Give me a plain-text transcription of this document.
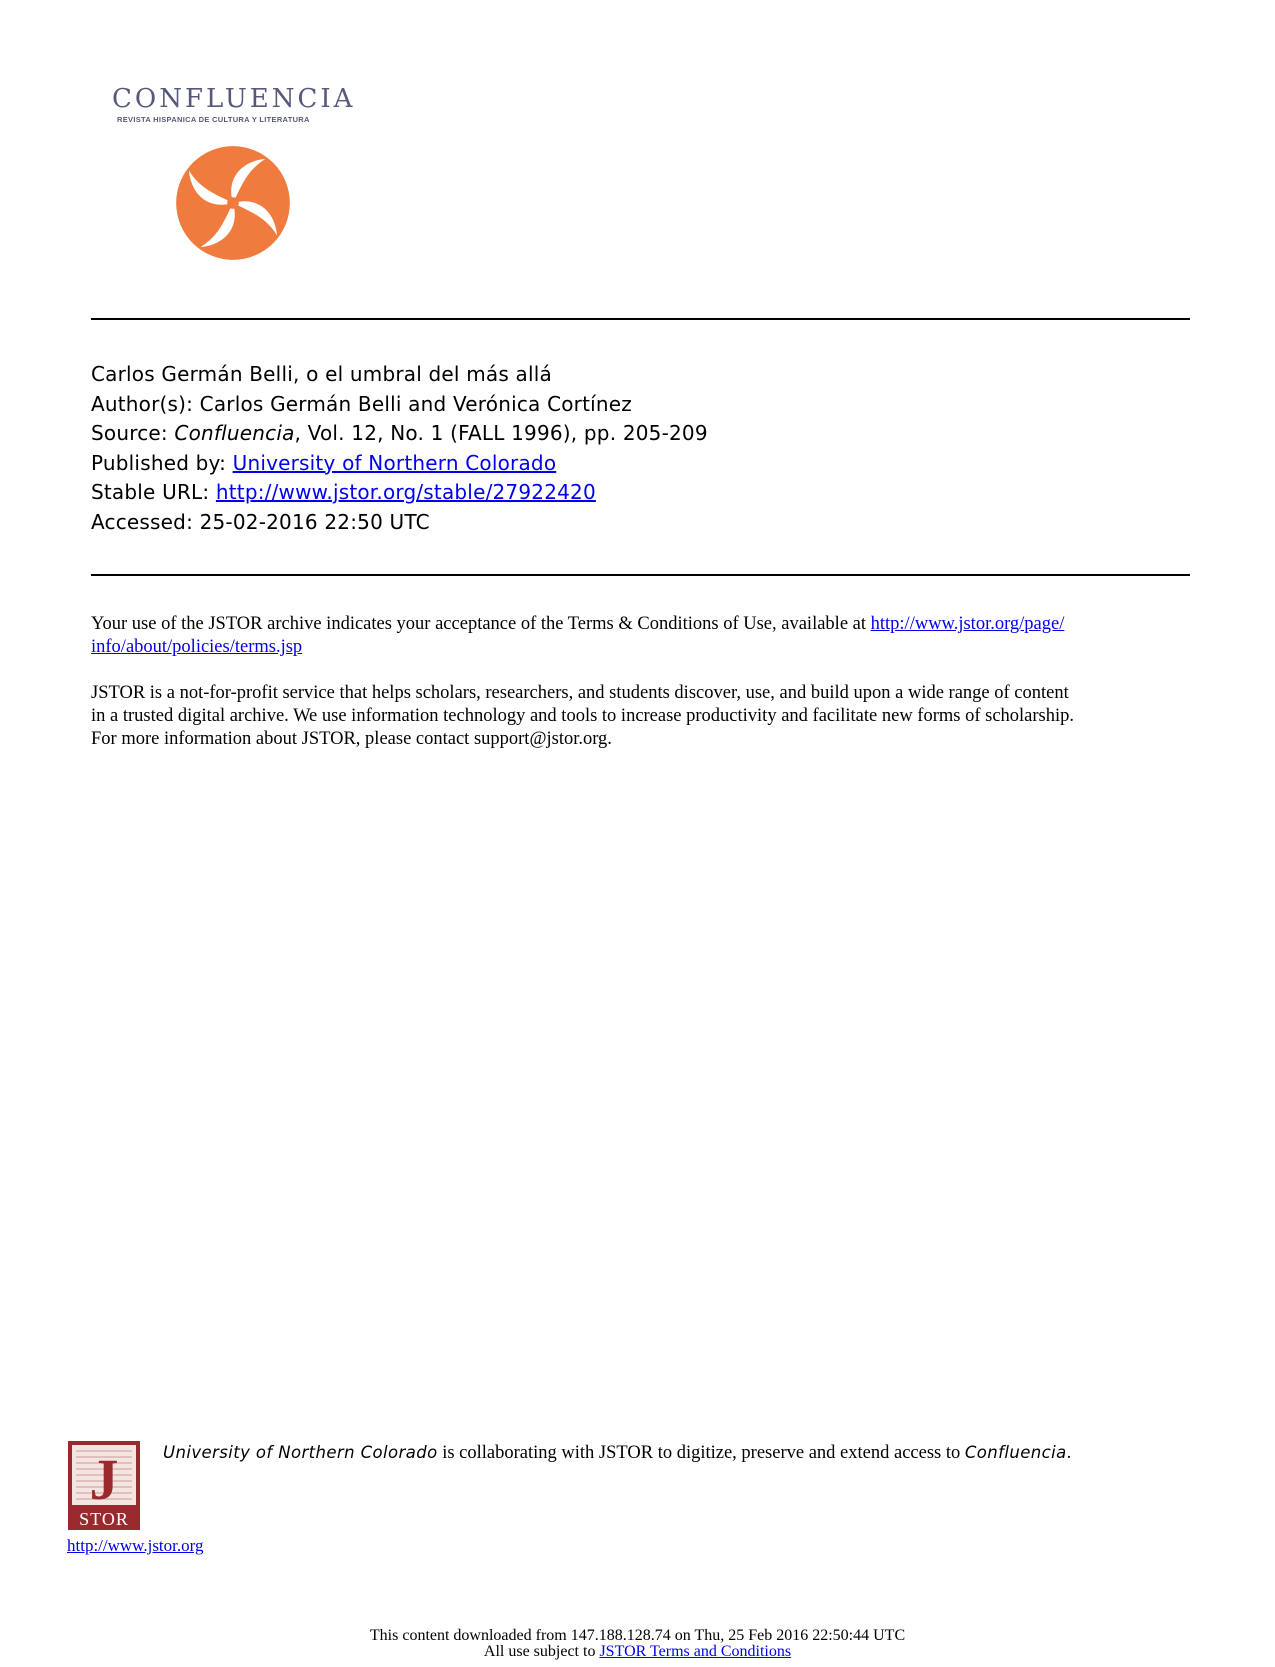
CONFLUENCIA
REVISTA HISPANICA DE CULTURA Y LITERATURA
Carlos Germán Belli, o el umbral del más allá
Author(s): Carlos Germán Belli and Verónica Cortínez
Source: Confluencia, Vol. 12, No. 1 (FALL 1996), pp. 205-209
Published by: University of Northern Colorado
Stable URL: http://www.jstor.org/stable/27922420
Accessed: 25-02-2016 22:50 UTC
Your use of the JSTOR archive indicates your acceptance of the Terms & Conditions of Use, available at http://www.jstor.org/page/
info/about/policies/terms.jsp
JSTOR is a not-for-profit service that helps scholars, researchers, and students discover, use, and build upon a wide range of content
in a trusted digital archive. We use information technology and tools to increase productivity and facilitate new forms of scholarship.
For more information about JSTOR, please contact support@jstor.org.
J
STOR
University of Northern Colorado is collaborating with JSTOR to digitize, preserve and extend access to Confluencia.
http://www.jstor.org
This content downloaded from 147.188.128.74 on Thu, 25 Feb 2016 22:50:44 UTC
All use subject to JSTOR Terms and Conditions
